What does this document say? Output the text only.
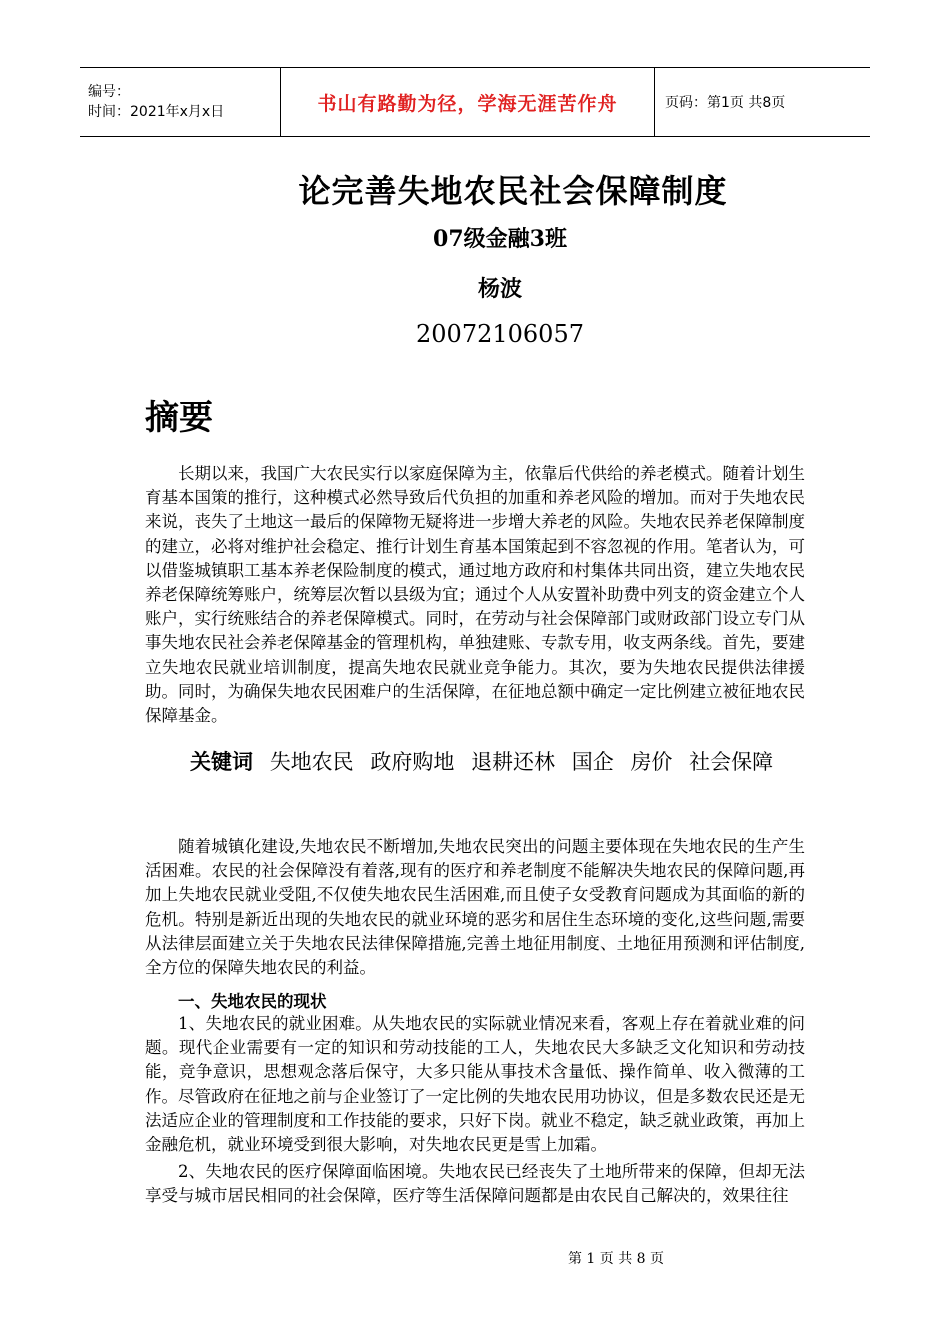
编号：
时间：2021年x月x日	书山有路勤为径，学海无涯苦作舟	页码：第1页 共8页
论完善失地农民社会保障制度
07级金融3班
杨波
20072106057
摘要

长期以来，我国广大农民实行以家庭保障为主，依靠后代供给的养老模式。随着计划生育基本国策的推行，这种模式必然导致后代负担的加重和养老风险的增加。而对于失地农民来说，丧失了土地这一最后的保障物无疑将进一步增大养老的风险。失地农民养老保障制度的建立，必将对维护社会稳定、推行计划生育基本国策起到不容忽视的作用。笔者认为，可以借鉴城镇职工基本养老保险制度的模式，通过地方政府和村集体共同出资，建立失地农民养老保障统筹账户，统筹层次暂以县级为宜；通过个人从安置补助费中列支的资金建立个人账户，实行统账结合的养老保障模式。同时，在劳动与社会保障部门或财政部门设立专门从事失地农民社会养老保障基金的管理机构，单独建账、专款专用，收支两条线。首先，要建立失地农民就业培训制度，提高失地农民就业竞争能力。其次，要为失地农民提供法律援助。同时，为确保失地农民困难户的生活保障，在征地总额中确定一定比例建立被征地农民保障基金。

关键词 失地农民 政府购地 退耕还林 国企 房价 社会保障

随着城镇化建设,失地农民不断增加,失地农民突出的问题主要体现在失地农民的生产生活困难。农民的社会保障没有着落,现有的医疗和养老制度不能解决失地农民的保障问题,再加上失地农民就业受阻,不仅使失地农民生活困难,而且使子女受教育问题成为其面临的新的危机。特别是新近出现的失地农民的就业环境的恶劣和居住生态环境的变化,这些问题,需要从法律层面建立关于失地农民法律保障措施,完善土地征用制度、土地征用预测和评估制度,全方位的保障失地农民的利益。

一、失地农民的现状

1、失地农民的就业困难。从失地农民的实际就业情况来看，客观上存在着就业难的问题。现代企业需要有一定的知识和劳动技能的工人，失地农民大多缺乏文化知识和劳动技能，竞争意识，思想观念落后保守，大多只能从事技术含量低、操作简单、收入微薄的工作。尽管政府在征地之前与企业签订了一定比例的失地农民用功协议，但是多数农民还是无法适应企业的管理制度和工作技能的要求，只好下岗。就业不稳定，缺乏就业政策，再加上金融危机，就业环境受到很大影响，对失地农民更是雪上加霜。

2、失地农民的医疗保障面临困境。失地农民已经丧失了土地所带来的保障，但却无法享受与城市居民相同的社会保障，医疗等生活保障问题都是由农民自己解决的，效果往往

第 1 页 共 8 页
